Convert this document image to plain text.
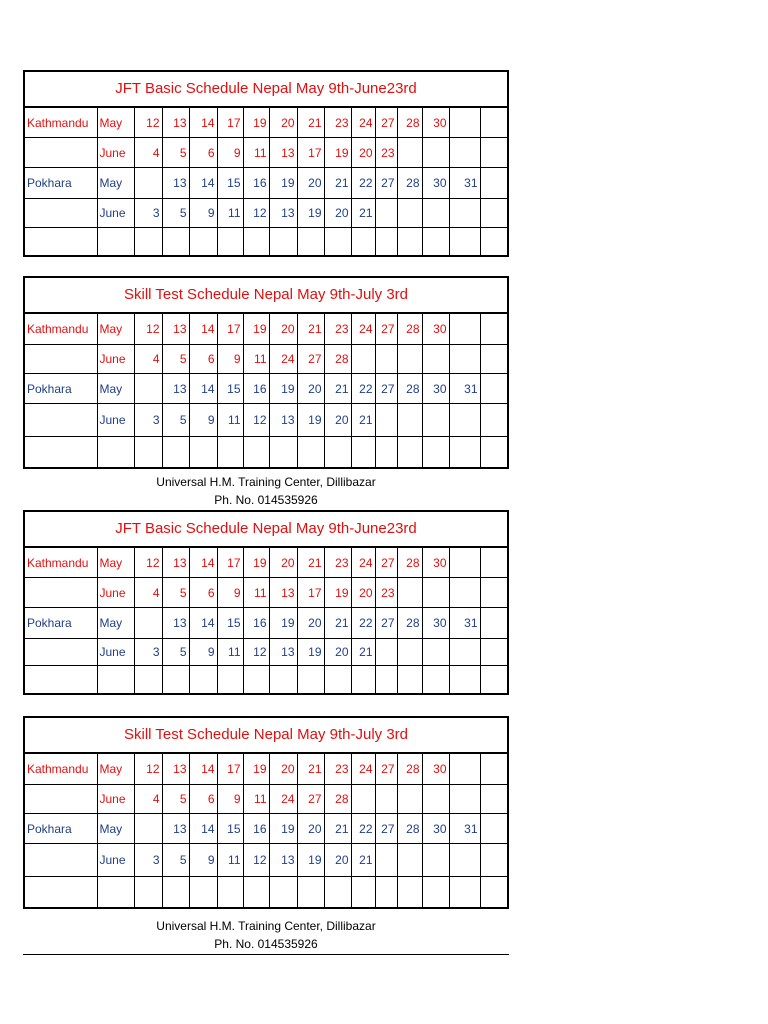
JFT Basic Schedule Nepal May 9th-June23rd
Kathmandu	May	12	13	14	17	19	20	21	23	24	27	28	30		
	June	4	5	6	9	11	13	17	19	20	23				
Pokhara	May		13	14	15	16	19	20	21	22	27	28	30	31	
	June	3	5	9	11	12	13	19	20	21					

Skill Test Schedule Nepal May 9th-July 3rd
Kathmandu	May	12	13	14	17	19	20	21	23	24	27	28	30		
	June	4	5	6	9	11	24	27	28						
Pokhara	May		13	14	15	16	19	20	21	22	27	28	30	31	
	June	3	5	9	11	12	13	19	20	21					

Universal H.M. Training Center, Dillibazar
Ph. No. 014535926
JFT Basic Schedule Nepal May 9th-June23rd
Kathmandu	May	12	13	14	17	19	20	21	23	24	27	28	30		
	June	4	5	6	9	11	13	17	19	20	23				
Pokhara	May		13	14	15	16	19	20	21	22	27	28	30	31	
	June	3	5	9	11	12	13	19	20	21					

Skill Test Schedule Nepal May 9th-July 3rd
Kathmandu	May	12	13	14	17	19	20	21	23	24	27	28	30		
	June	4	5	6	9	11	24	27	28						
Pokhara	May		13	14	15	16	19	20	21	22	27	28	30	31	
	June	3	5	9	11	12	13	19	20	21					

Universal H.M. Training Center, Dillibazar
Ph. No. 014535926
